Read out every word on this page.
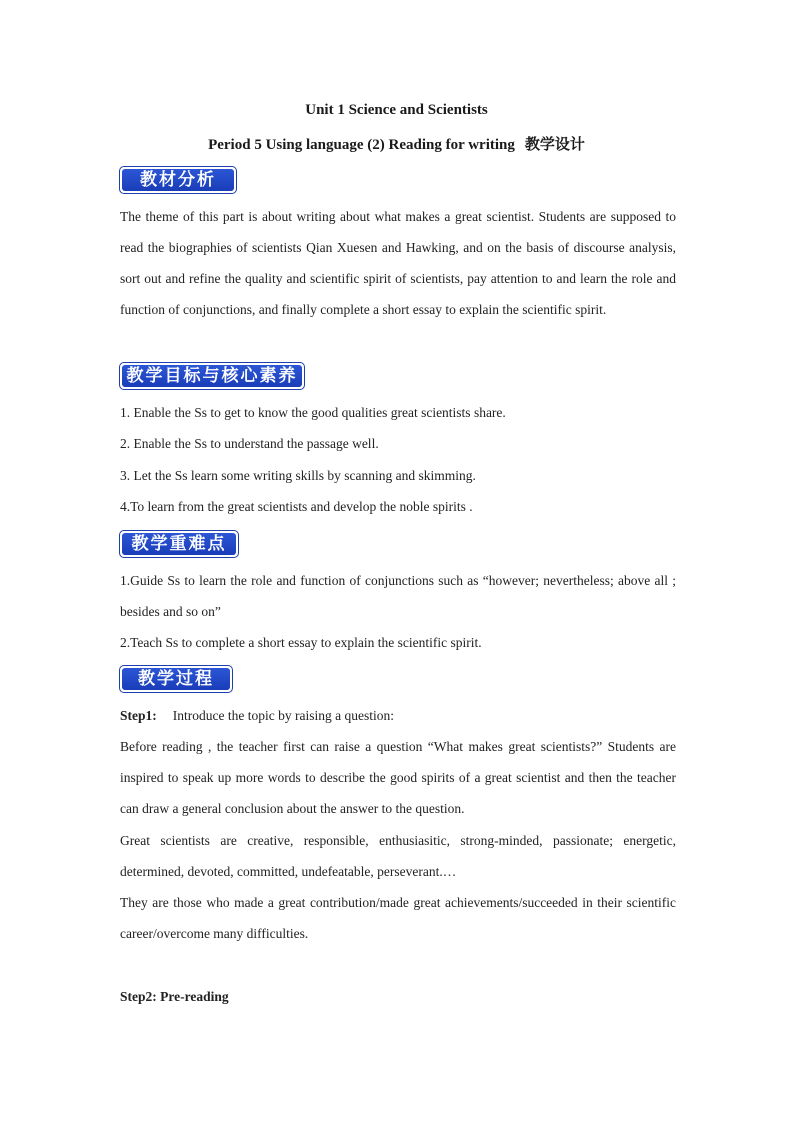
Unit 1 Science and Scientists
Period 5 Using language (2) Reading for writing 教学设计
教材分析

The theme of this part is about writing about what makes a great scientist. Students are supposed to read the biographies of scientists Qian Xuesen and Hawking, and on the basis of discourse analysis, sort out and refine the quality and scientific spirit of scientists, pay attention to and learn the role and function of conjunctions, and finally complete a short essay to explain the scientific spirit.

教学目标与核心素养

1. Enable the Ss to get to know the good qualities great scientists share.

2. Enable the Ss to understand the passage well.

3. Let the Ss learn some writing skills by scanning and skimming.

4.To learn from the great scientists and develop the noble spirits .

教学重难点

1.Guide Ss to learn the role and function of conjunctions such as “however; nevertheless; above all ; besides and so on”

2.Teach Ss to complete a short essay to explain the scientific spirit.

教学过程

Step1: Introduce the topic by raising a question:

Before reading , the teacher first can raise a question “What makes great scientists?” Students are inspired to speak up more words to describe the good spirits of a great scientist and then the teacher can draw a general conclusion about the answer to the question.

Great scientists are creative, responsible, enthusiasitic, strong-minded, passionate; energetic, determined, devoted, committed, undefeatable, perseverant.…

They are those who made a great contribution/made great achievements/succeeded in their scientific career/overcome many difficulties.

Step2: Pre-reading
